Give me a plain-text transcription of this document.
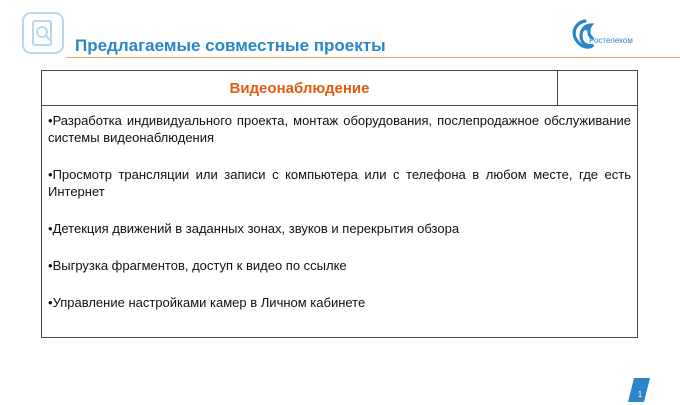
Предлагаемые совместные проекты	Ростелеком
Видеонаблюдение	

•Разработка индивидуального проекта, монтаж оборудования, послепродажное обслуживание системы видеонаблюдения

•Просмотр трансляции или записи с компьютера или с телефона в любом месте, где есть Интернет

•Детекция движений в заданных зонах, звуков и перекрытия обзора

•Выгрузка фрагментов, доступ к видео по ссылке

•Управление настройками камер в Личном кабинете

1
